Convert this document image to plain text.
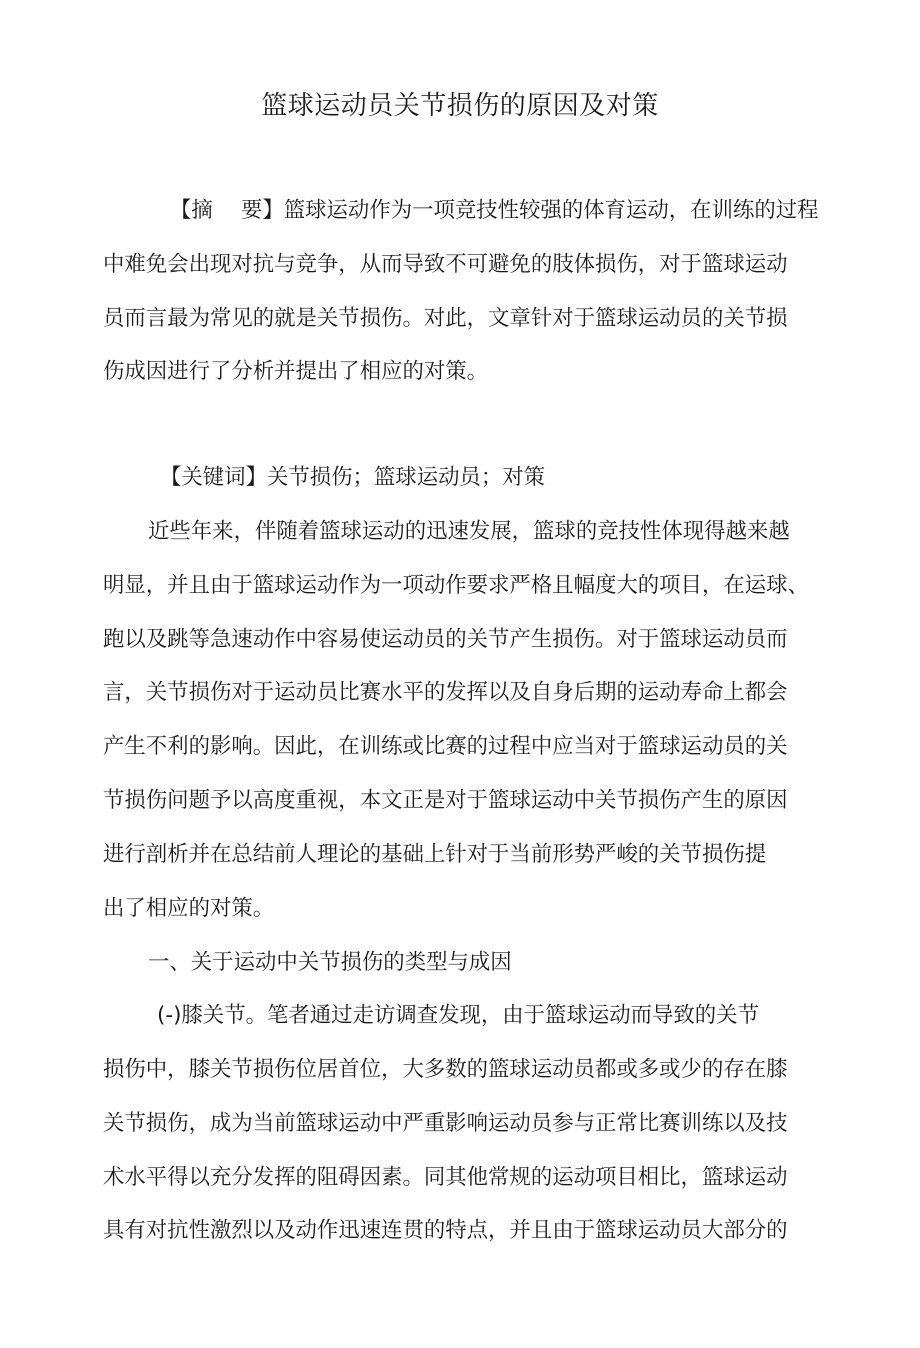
篮球运动员关节损伤的原因及对策
【摘　 要】篮球运动作为一项竞技性较强的体育运动，在训练的过程
中难免会出现对抗与竞争，从而导致不可避免的肢体损伤，对于篮球运动
员而言最为常见的就是关节损伤。对此，文章针对于篮球运动员的关节损
伤成因进行了分析并提出了相应的对策。
【关键词】关节损伤；篮球运动员；对策
近些年来，伴随着篮球运动的迅速发展，篮球的竞技性体现得越来越
明显，并且由于篮球运动作为一项动作要求严格且幅度大的项目，在运球、
跑以及跳等急速动作中容易使运动员的关节产生损伤。对于篮球运动员而
言，关节损伤对于运动员比赛水平的发挥以及自身后期的运动寿命上都会
产生不利的影响。因此，在训练或比赛的过程中应当对于篮球运动员的关
节损伤问题予以高度重视，本文正是对于篮球运动中关节损伤产生的原因
进行剖析并在总结前人理论的基础上针对于当前形势严峻的关节损伤提
出了相应的对策。
一、关于运动中关节损伤的类型与成因
(-)膝关节。笔者通过走访调查发现，由于篮球运动而导致的关节
损伤中，膝关节损伤位居首位，大多数的篮球运动员都或多或少的存在膝
关节损伤，成为当前篮球运动中严重影响运动员参与正常比赛训练以及技
术水平得以充分发挥的阻碍因素。同其他常规的运动项目相比，篮球运动
具有对抗性激烈以及动作迅速连贯的特点，并且由于篮球运动员大部分的
